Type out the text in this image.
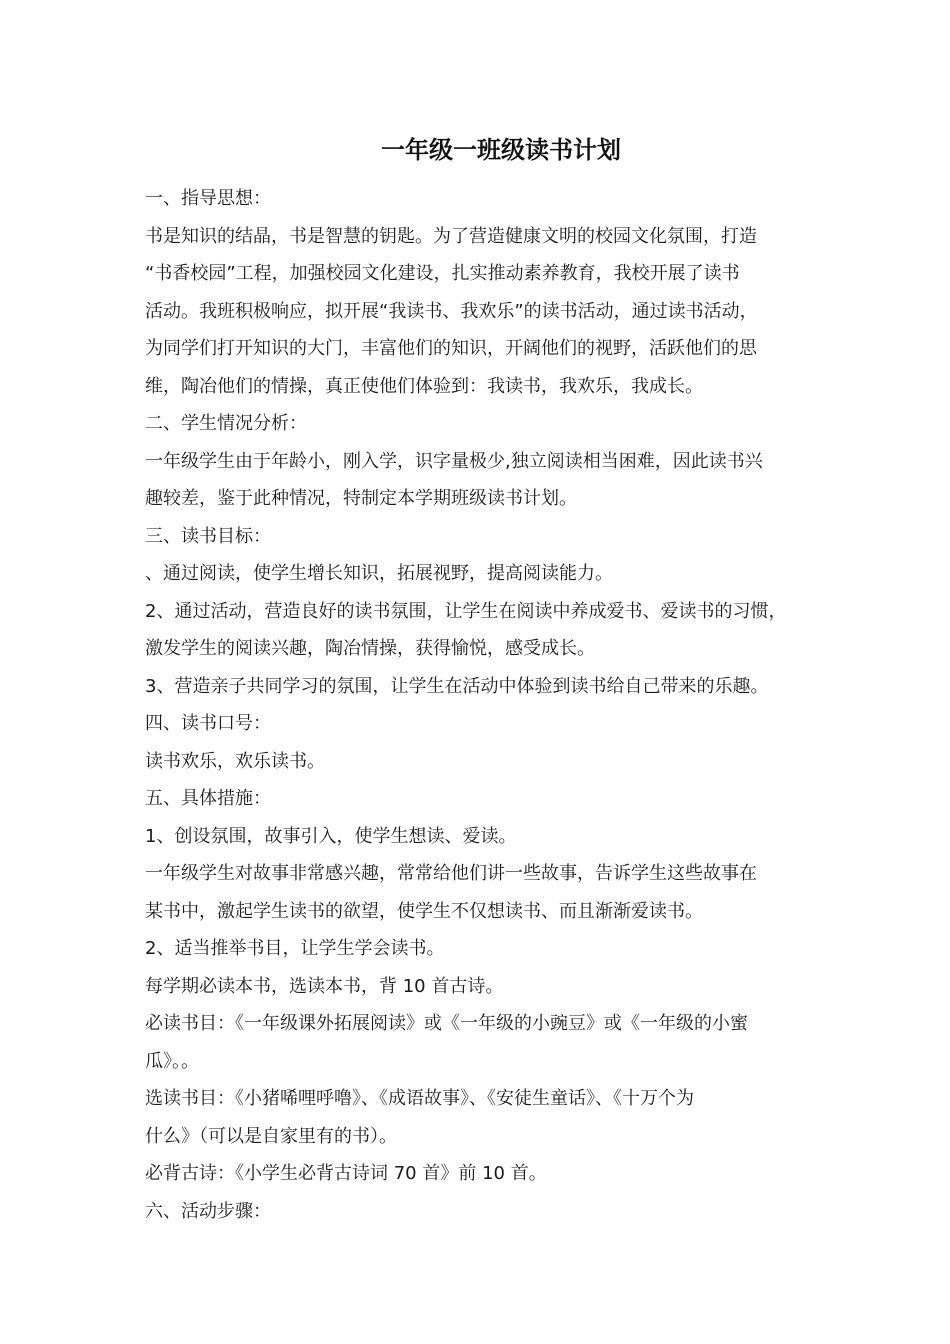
一年级一班级读书计划
一、指导思想：
书是知识的结晶，书是智慧的钥匙。为了营造健康文明的校园文化氛围，打造
“书香校园”工程，加强校园文化建设，扎实推动素养教育，我校开展了读书
活动。我班积极响应，拟开展“我读书、我欢乐”的读书活动，通过读书活动，
为同学们打开知识的大门，丰富他们的知识，开阔他们的视野，活跃他们的思
维，陶冶他们的情操，真正使他们体验到：我读书，我欢乐，我成长。
二、学生情况分析：
一年级学生由于年龄小，刚入学，识字量极少,独立阅读相当困难，因此读书兴
趣较差，鉴于此种情况，特制定本学期班级读书计划。
三、读书目标：
、通过阅读，使学生增长知识，拓展视野，提高阅读能力。
2、通过活动，营造良好的读书氛围，让学生在阅读中养成爱书、爱读书的习惯，
激发学生的阅读兴趣，陶冶情操，获得愉悦，感受成长。
3、营造亲子共同学习的氛围，让学生在活动中体验到读书给自己带来的乐趣。
四、读书口号：
读书欢乐，欢乐读书。
五、具体措施：
1、创设氛围，故事引入，使学生想读、爱读。
一年级学生对故事非常感兴趣，常常给他们讲一些故事，告诉学生这些故事在
某书中，激起学生读书的欲望，使学生不仅想读书、而且渐渐爱读书。
2、适当推举书目，让学生学会读书。
每学期必读本书，选读本书，背 10 首古诗。
必读书目：《一年级课外拓展阅读》或《一年级的小豌豆》或《一年级的小蜜
瓜》。。
选读书目：《小猪唏哩呼噜》、《成语故事》、《安徒生童话》、《十万个为
什么》（可以是自家里有的书）。
必背古诗：《小学生必背古诗词 70 首》前 10 首。
六、活动步骤：
